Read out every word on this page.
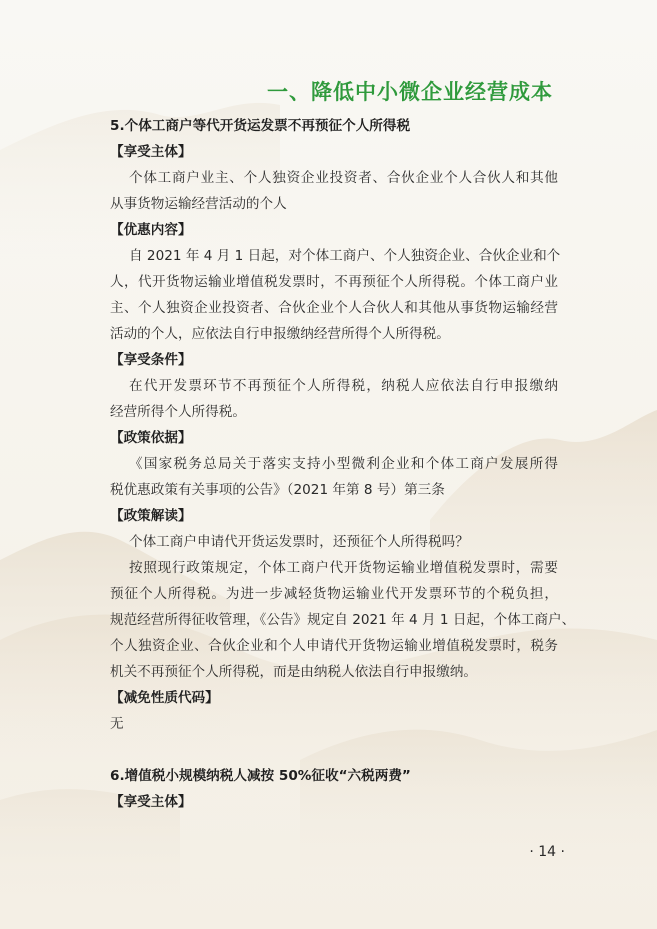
一、降低中小微企业经营成本

5.个体工商户等代开货运发票不再预征个人所得税

【享受主体】

个体工商户业主、个人独资企业投资者、合伙企业个人合伙人和其他

从事货物运输经营活动的个人

【优惠内容】

自 2021 年 4 月 1 日起，对个体工商户、个人独资企业、合伙企业和个

人，代开货物运输业增值税发票时，不再预征个人所得税。个体工商户业

主、个人独资企业投资者、合伙企业个人合伙人和其他从事货物运输经营

活动的个人，应依法自行申报缴纳经营所得个人所得税。

【享受条件】

在代开发票环节不再预征个人所得税，纳税人应依法自行申报缴纳

经营所得个人所得税。

【政策依据】

《国家税务总局关于落实支持小型微利企业和个体工商户发展所得

税优惠政策有关事项的公告》（2021 年第 8 号）第三条

【政策解读】

个体工商户申请代开货运发票时，还预征个人所得税吗？

按照现行政策规定，个体工商户代开货物运输业增值税发票时，需要

预征个人所得税。为进一步减轻货物运输业代开发票环节的个税负担，

规范经营所得征收管理，《公告》规定自 2021 年 4 月 1 日起，个体工商户、

个人独资企业、合伙企业和个人申请代开货物运输业增值税发票时，税务

机关不再预征个人所得税，而是由纳税人依法自行申报缴纳。

【减免性质代码】

无

6.增值税小规模纳税人减按 50%征收“六税两费”

【享受主体】

· 14 ·
